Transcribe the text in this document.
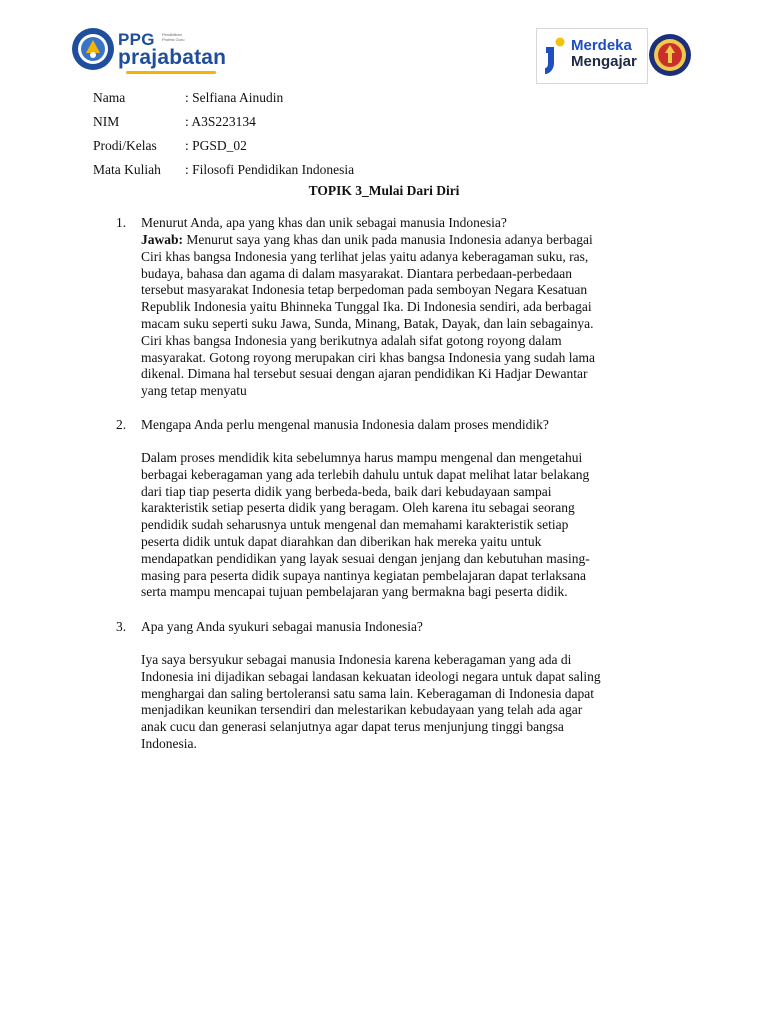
PPG Pendidikan Profesi Guru
prajabatan
Merdeka
Mengajar
Nama	: Selfiana Ainudin
NIM	: A3S223134
Prodi/Kelas : PGSD_02
Mata Kuliah : Filosofi Pendidikan Indonesia
TOPIK 3_Mulai Dari Diri
1. Menurut Anda, apa yang khas dan unik sebagai manusia Indonesia?
Jawab: Menurut saya yang khas dan unik pada manusia Indonesia adanya berbagai
Ciri khas bangsa Indonesia yang terlihat jelas yaitu adanya keberagaman suku, ras,
budaya, bahasa dan agama di dalam masyarakat. Diantara perbedaan-perbedaan
tersebut masyarakat Indonesia tetap berpedoman pada semboyan Negara Kesatuan
Republik Indonesia yaitu Bhinneka Tunggal Ika. Di Indonesia sendiri, ada berbagai
macam suku seperti suku Jawa, Sunda, Minang, Batak, Dayak, dan lain sebagainya.
Ciri khas bangsa Indonesia yang berikutnya adalah sifat gotong royong dalam
masyarakat. Gotong royong merupakan ciri khas bangsa Indonesia yang sudah lama
dikenal. Dimana hal tersebut sesuai dengan ajaran pendidikan Ki Hadjar Dewantar
yang tetap menyatu
2. Mengapa Anda perlu mengenal manusia Indonesia dalam proses mendidik?
Dalam proses mendidik kita sebelumnya harus mampu mengenal dan mengetahui
berbagai keberagaman yang ada terlebih dahulu untuk dapat melihat latar belakang
dari tiap tiap peserta didik yang berbeda-beda, baik dari kebudayaan sampai
karakteristik setiap peserta didik yang beragam. Oleh karena itu sebagai seorang
pendidik sudah seharusnya untuk mengenal dan memahami karakteristik setiap
peserta didik untuk dapat diarahkan dan diberikan hak mereka yaitu untuk
mendapatkan pendidikan yang layak sesuai dengan jenjang dan kebutuhan masing-
masing para peserta didik supaya nantinya kegiatan pembelajaran dapat terlaksana
serta mampu mencapai tujuan pembelajaran yang bermakna bagi peserta didik.
3. Apa yang Anda syukuri sebagai manusia Indonesia?
Iya saya bersyukur sebagai manusia Indonesia karena keberagaman yang ada di
Indonesia ini dijadikan sebagai landasan kekuatan ideologi negara untuk dapat saling
menghargai dan saling bertoleransi satu sama lain. Keberagaman di Indonesia dapat
menjadikan keunikan tersendiri dan melestarikan kebudayaan yang telah ada agar
anak cucu dan generasi selanjutnya agar dapat terus menjunjung tinggi bangsa
Indonesia.
